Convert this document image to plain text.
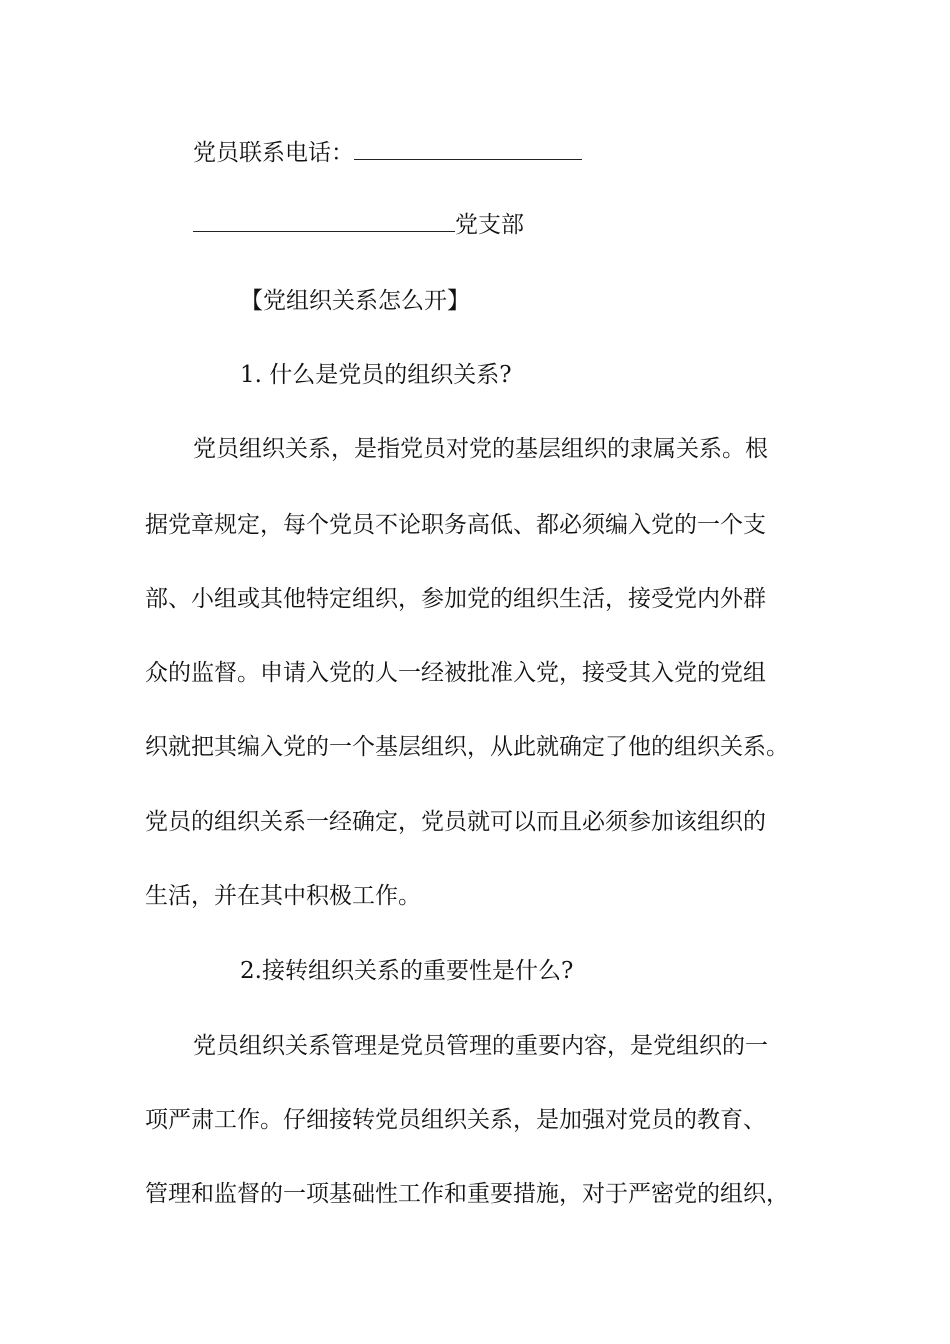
党员联系电话：
党支部
【党组织关系怎么开】
1. 什么是党员的组织关系?
党员组织关系，是指党员对党的基层组织的隶属关系。根
据党章规定，每个党员不论职务高低、都必须编入党的一个支
部、小组或其他特定组织，参加党的组织生活，接受党内外群
众的监督。申请入党的人一经被批准入党，接受其入党的党组
织就把其编入党的一个基层组织，从此就确定了他的组织关系。
党员的组织关系一经确定，党员就可以而且必须参加该组织的
生活，并在其中积极工作。
2.接转组织关系的重要性是什么?
党员组织关系管理是党员管理的重要内容，是党组织的一
项严肃工作。仔细接转党员组织关系，是加强对党员的教育、
管理和监督的一项基础性工作和重要措施，对于严密党的组织，
